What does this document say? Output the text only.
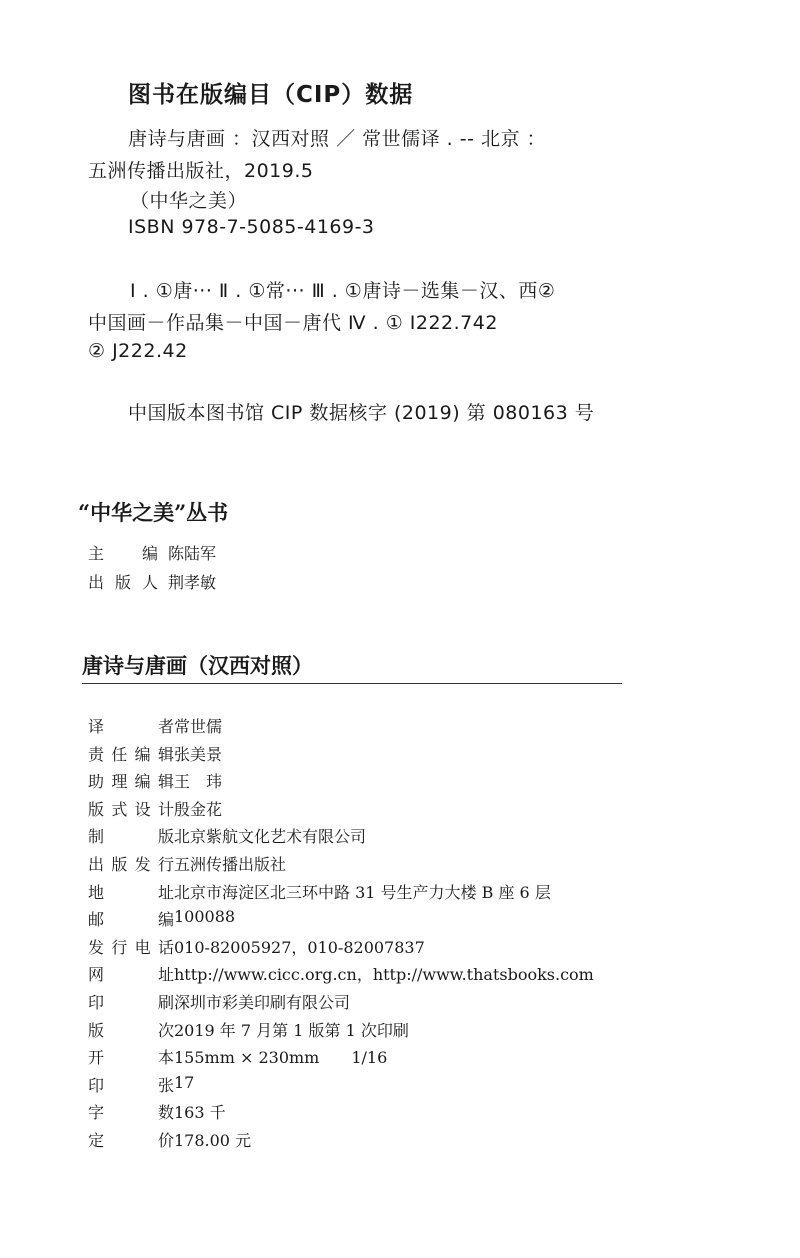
图书在版编目（CIP）数据
唐诗与唐画 ：汉西对照 ／ 常世儒译 . -- 北京 ：
五洲传播出版社，2019.5
（中华之美）
ISBN 978-7-5085-4169-3
Ⅰ . ①唐··· Ⅱ . ①常··· Ⅲ . ①唐诗－选集－汉、西②
中国画－作品集－中国－唐代 Ⅳ . ① I222.742
② J222.42
中国版本图书馆 CIP 数据核字 (2019) 第 080163 号
“中华之美”丛书
主 编 陈陆军
出 版 人 荆孝敏
唐诗与唐画（汉西对照）
译	者 常世儒
责 任 编 辑 张美景
助 理 编 辑 王　玮
版 式 设 计 殷金花
制	版 北京紫航文化艺术有限公司
出 版 发 行 五洲传播出版社
地	址 北京市海淀区北三环中路 31 号生产力大楼 B 座 6 层
邮	编 100088
发 行 电 话 010-82005927，010-82007837
网	址 http://www.cicc.org.cn，http://www.thatsbooks.com
印	刷 深圳市彩美印刷有限公司
版	次 2019 年 7 月第 1 版第 1 次印刷
开	本 155mm × 230mm　　1/16
印	张 17
字	数 163 千
定	价 178.00 元
